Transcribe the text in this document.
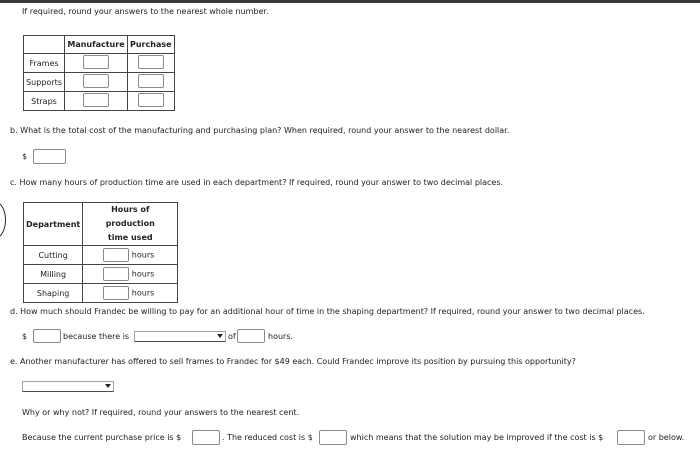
If required, round your answers to the nearest whole number.
	Manufacture	Purchase
Frames		
Supports		
Straps		
b. What is the total cost of the manufacturing and purchasing plan? When required, round your answer to the nearest dollar.
$
c. How many hours of production time are used in each department? If required, round your answer to two decimal places.
Department	Hours of production
time used
Cutting	hours
Milling	hours
Shaping	hours
d. How much should Frandec be willing to pay for an additional hour of time in the shaping department? If required, round your answer to two decimal places.
$	because there is	of	hours.
e. Another manufacturer has offered to sell frames to Frandec for $49 each. Could Frandec improve its position by pursuing this opportunity?
Why or why not? If required, round your answers to the nearest cent.
Because the current purchase price is $	. The reduced cost is $	which means that the solution may be improved if the cost is $	or below.
